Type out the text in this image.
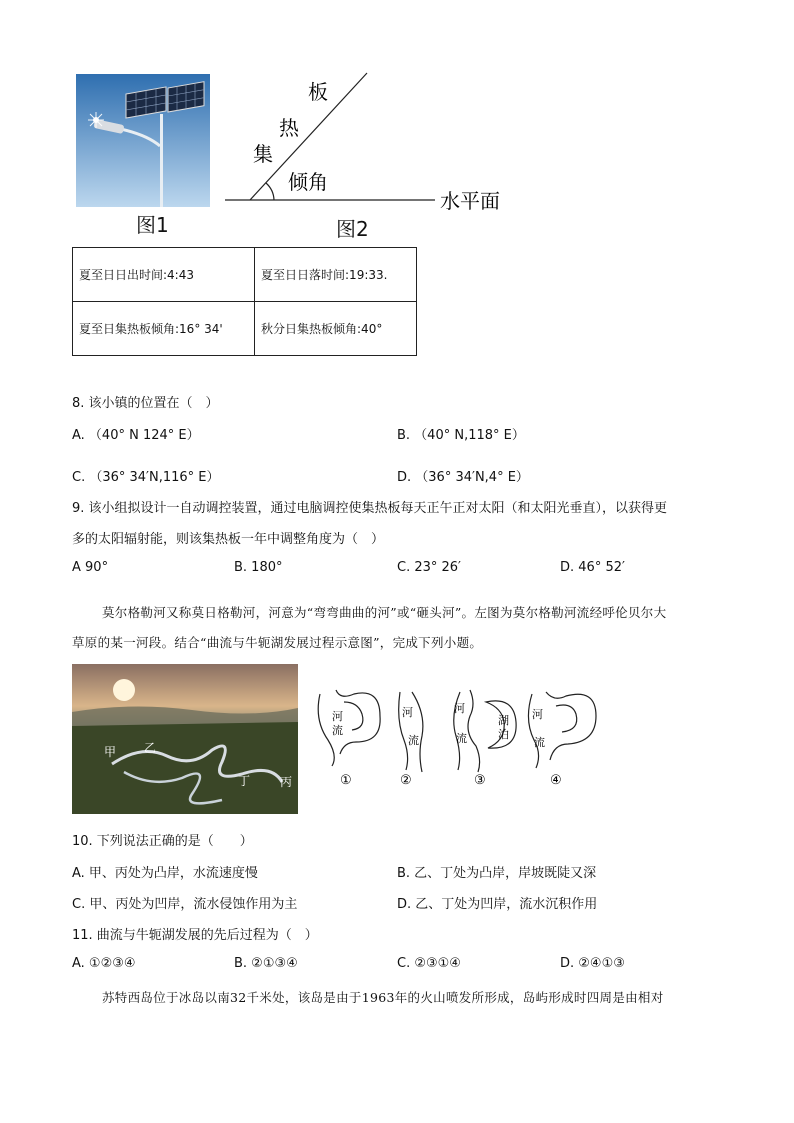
图1
板
热
集
倾角
水平面
图2
夏至日日出时间:4:43	夏至日日落时间:19:33.
夏至日集热板倾角:16° 34'	秋分日集热板倾角:40°
8. 该小镇的位置在（　）
A. （40° N 124° E）	B. （40° N,118° E）
C. （36° 34′N,116° E）	D. （36° 34′N,4° E）
9. 该小组拟设计一自动调控装置，通过电脑调控使集热板每天正午正对太阳（和太阳光垂直），以获得更
多的太阳辐射能，则该集热板一年中调整角度为（　）
A 90°	B. 180°	C. 23° 26′	D. 46° 52′
莫尔格勒河又称莫日格勒河，河意为“弯弯曲曲的河”或“砸头河”。左图为莫尔格勒河流经呼伦贝尔大
草原的某一河段。结合“曲流与牛轭湖发展过程示意图”，完成下列小题。
甲 乙
丁 丙
河
流
①
河
流
②
河
流
湖
泊
③
河
流
④
10. 下列说法正确的是（　　）
A. 甲、丙处为凸岸，水流速度慢	B. 乙、丁处为凸岸，岸坡既陡又深
C. 甲、丙处为凹岸，流水侵蚀作用为主	D. 乙、丁处为凹岸，流水沉积作用
11. 曲流与牛轭湖发展的先后过程为（　）
A. ①②③④	B. ②①③④	C. ②③①④	D. ②④①③
苏特西岛位于冰岛以南32千米处，该岛是由于1963年的火山喷发所形成，岛屿形成时四周是由相对
